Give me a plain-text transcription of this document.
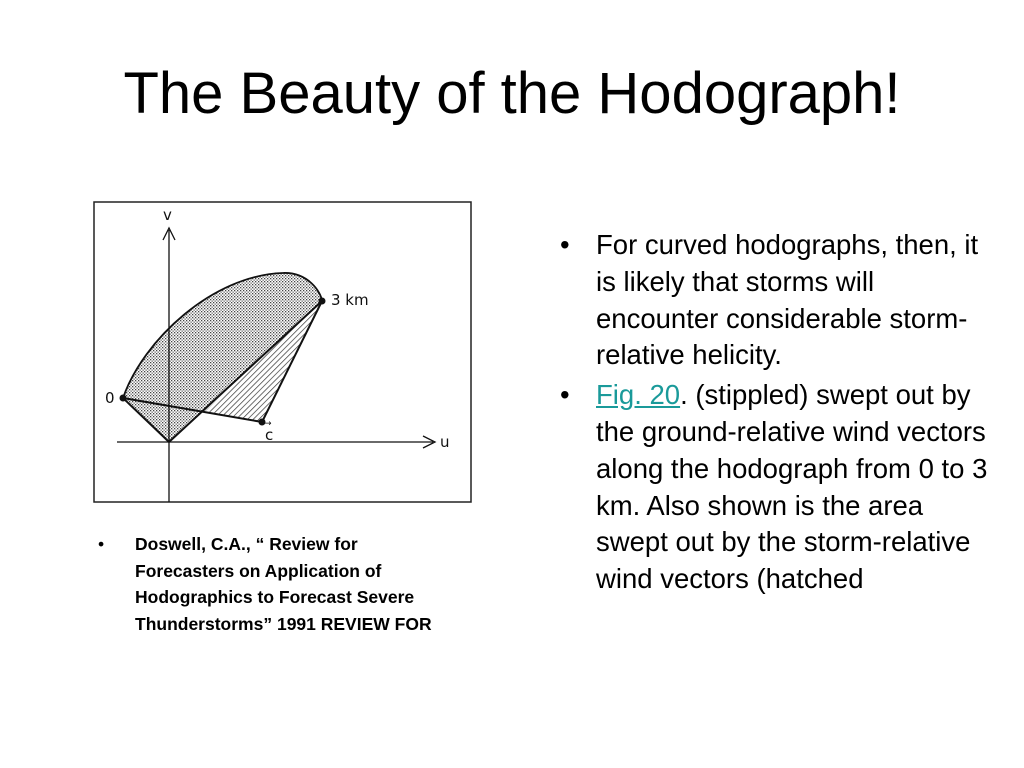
The Beauty of the Hodograph!
v
u
0
3 km
c
→
• Doswell, C.A., “ Review for Forecasters on Application of Hodographics to Forecast Severe Thunderstorms” 1991 REVIEW FOR
• For curved hodographs, then, it is likely that storms will encounter considerable storm-relative helicity.
• Fig. 20. (stippled) swept out by the ground-relative wind vectors along the hodograph from 0 to 3 km. Also shown is the area swept out by the storm-relative wind vectors (hatched
